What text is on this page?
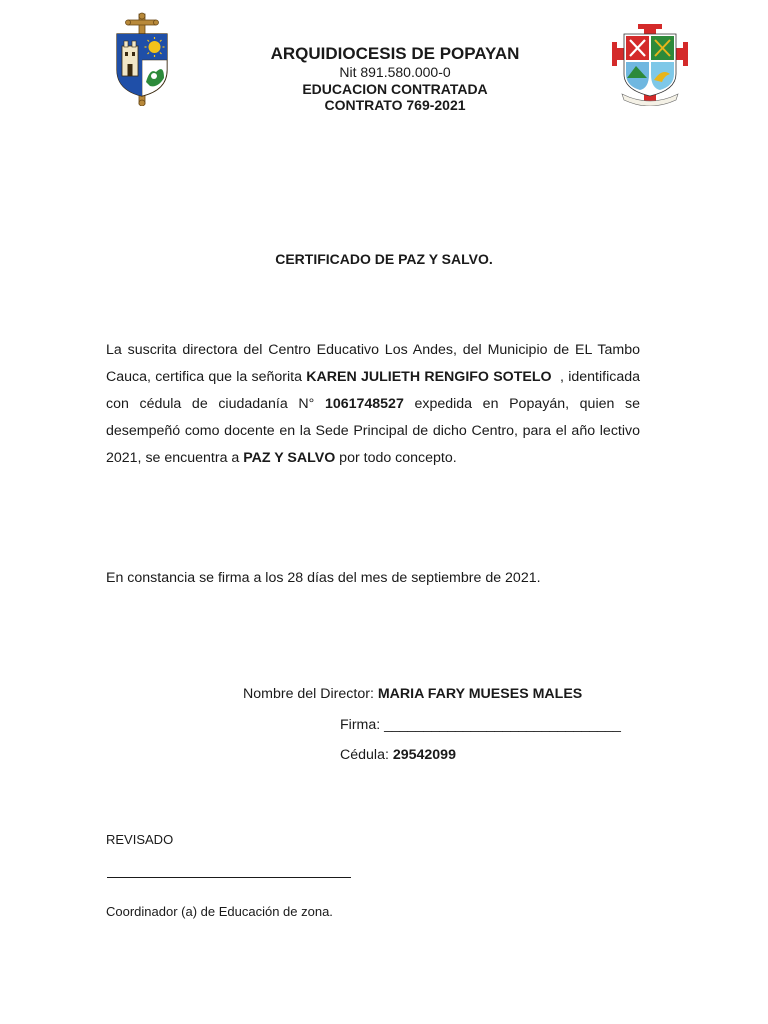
ARQUIDIOCESIS DE POPAYAN
Nit 891.580.000-0
EDUCACION CONTRATADA
CONTRATO 769-2021
CERTIFICADO DE PAZ Y SALVO.

La suscrita directora del Centro Educativo Los Andes, del Municipio de EL Tambo Cauca, certifica que la señorita KAREN JULIETH RENGIFO SOTELO  , identificada con cédula de ciudadanía N° 1061748527 expedida en Popayán, quien se desempeñó como docente en la Sede Principal de dicho Centro, para el año lectivo 2021, se encuentra a PAZ Y SALVO por todo concepto.

En constancia se firma a los 28 días del mes de septiembre de 2021.
Nombre del Director: MARIA FARY MUESES MALES
Firma: ______________________________
Cédula: 29542099
REVISADO
Coordinador (a) de Educación de zona.
